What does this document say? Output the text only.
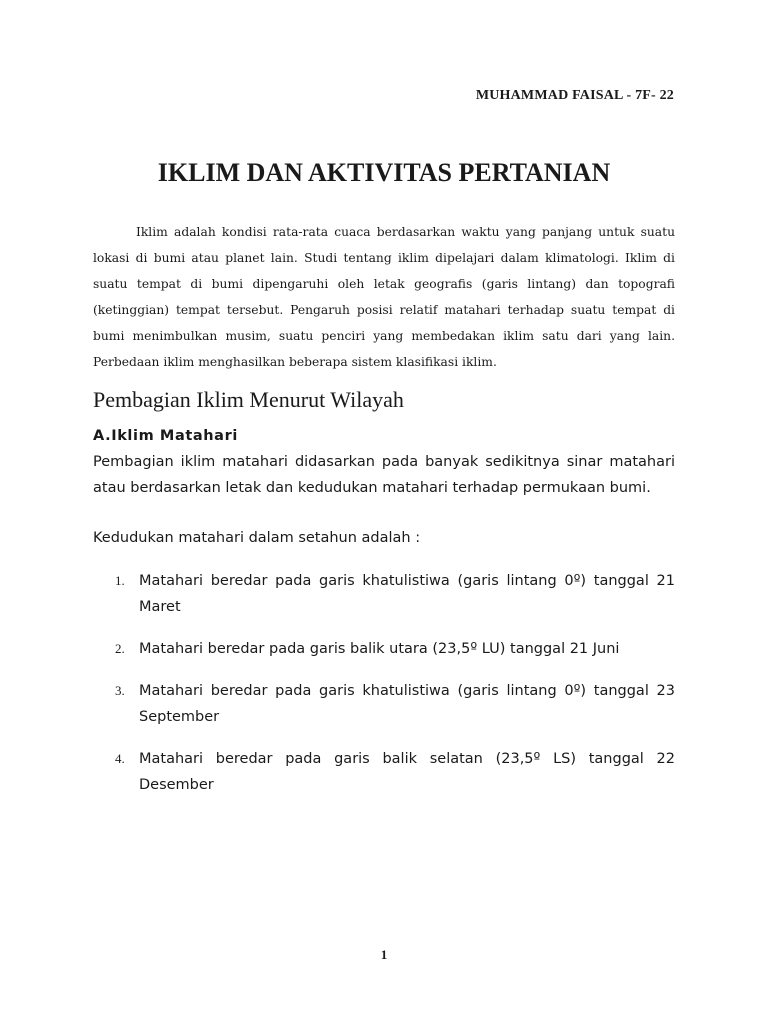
MUHAMMAD FAISAL - 7F- 22
IKLIM DAN AKTIVITAS PERTANIAN

Iklim adalah kondisi rata-rata cuaca berdasarkan waktu yang panjang untuk suatu lokasi di bumi atau planet lain. Studi tentang iklim dipelajari dalam klimatologi. Iklim di suatu tempat di bumi dipengaruhi oleh letak geografis (garis lintang) dan topografi (ketinggian) tempat tersebut. Pengaruh posisi relatif matahari terhadap suatu tempat di bumi menimbulkan musim, suatu penciri yang membedakan iklim satu dari yang lain. Perbedaan iklim menghasilkan beberapa sistem klasifikasi iklim.

Pembagian Iklim Menurut Wilayah
A.Iklim Matahari

Pembagian iklim matahari didasarkan pada banyak sedikitnya sinar matahari atau berdasarkan letak dan kedudukan matahari terhadap permukaan bumi.

Kedudukan matahari dalam setahun adalah :

1. Matahari beredar pada garis khatulistiwa (garis lintang 0º) tanggal 21 Maret
2. Matahari beredar pada garis balik utara (23,5º LU) tanggal 21 Juni
3. Matahari beredar pada garis khatulistiwa (garis lintang 0º) tanggal 23 September
4. Matahari beredar pada garis balik selatan (23,5º LS) tanggal 22 Desember
1
